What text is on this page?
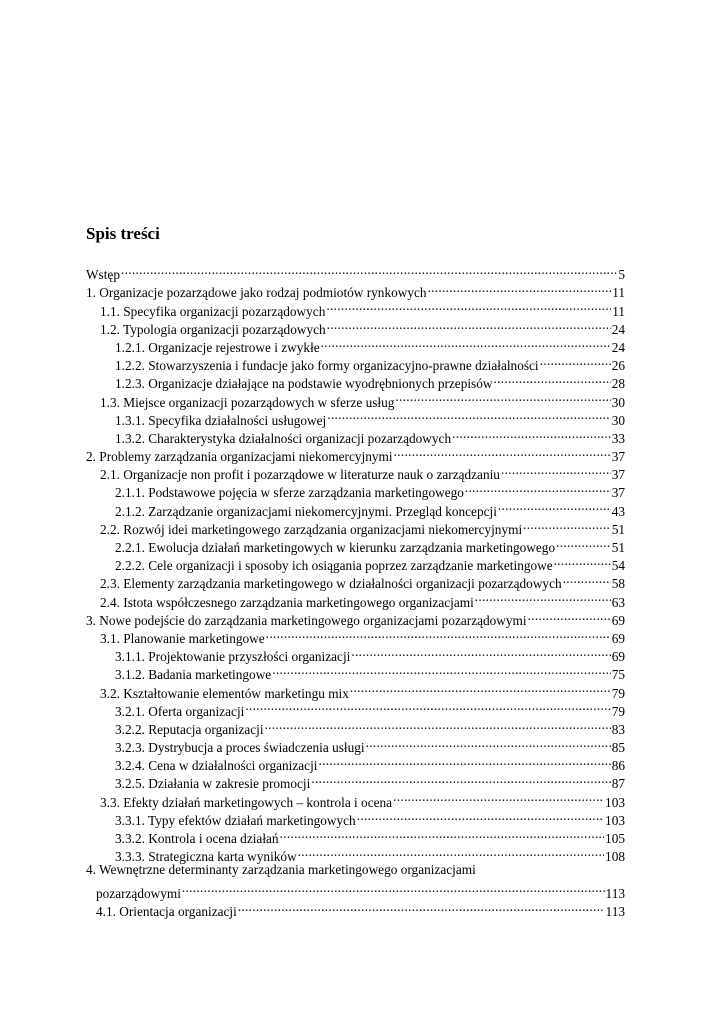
Spis treści
Wstęp .....	5
1. Organizacje pozarządowe jako rodzaj podmiotów rynkowych .....	11
1.1. Specyfika organizacji pozarządowych .....	11
1.2. Typologia organizacji pozarządowych .....	24
1.2.1. Organizacje rejestrowe i zwykłe .....	24
1.2.2. Stowarzyszenia i fundacje jako formy organizacyjno-prawne działalności .....	26
1.2.3. Organizacje działające na podstawie wyodrębnionych przepisów .....	28
1.3. Miejsce organizacji pozarządowych w sferze usług .....	30
1.3.1. Specyfika działalności usługowej .....	30
1.3.2. Charakterystyka działalności organizacji pozarządowych .....	33
2. Problemy zarządzania organizacjami niekomercyjnymi .....	37
2.1. Organizacje non profit i pozarządowe w literaturze nauk o zarządzaniu .....	37
2.1.1. Podstawowe pojęcia w sferze zarządzania marketingowego .....	37
2.1.2. Zarządzanie organizacjami niekomercyjnymi. Przegląd koncepcji .....	43
2.2. Rozwój idei marketingowego zarządzania organizacjami niekomercyjnymi .....	51
2.2.1. Ewolucja działań marketingowych w kierunku zarządzania marketingowego .....	51
2.2.2. Cele organizacji i sposoby ich osiągania poprzez zarządzanie marketingowe .....	54
2.3. Elementy zarządzania marketingowego w działalności organizacji pozarządowych .....	58
2.4. Istota współczesnego zarządzania marketingowego organizacjami .....	63
3. Nowe podejście do zarządzania marketingowego organizacjami pozarządowymi .....	69
3.1. Planowanie marketingowe .....	69
3.1.1. Projektowanie przyszłości organizacji .....	69
3.1.2. Badania marketingowe .....	75
3.2. Kształtowanie elementów marketingu mix .....	79
3.2.1. Oferta organizacji .....	79
3.2.2. Reputacja organizacji .....	83
3.2.3. Dystrybucja a proces świadczenia usługi .....	85
3.2.4. Cena w działalności organizacji .....	86
3.2.5. Działania w zakresie promocji .....	87
3.3. Efekty działań marketingowych – kontrola i ocena .....	103
3.3.1. Typy efektów działań marketingowych .....	103
3.3.2. Kontrola i ocena działań .....	105
3.3.3. Strategiczna karta wyników .....	108
4. Wewnętrzne determinanty zarządzania marketingowego organizacjami
pozarządowymi .....	113
4.1. Orientacja organizacji .....	113
